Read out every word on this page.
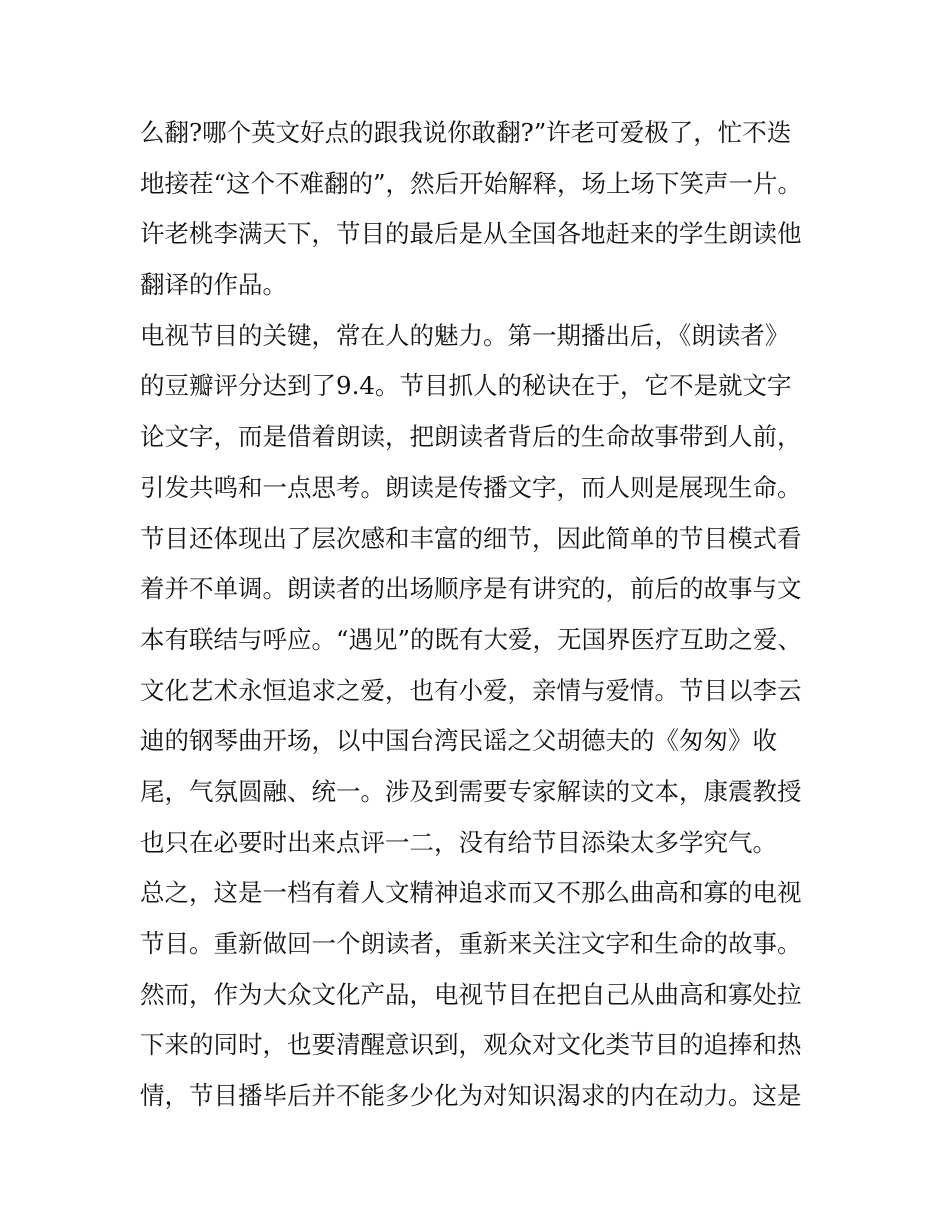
么翻?哪个英文好点的跟我说你敢翻?”许老可爱极了，忙不迭
地接茬“这个不难翻的”，然后开始解释，场上场下笑声一片。
许老桃李满天下，节目的最后是从全国各地赶来的学生朗读他
翻译的作品。
电视节目的关键，常在人的魅力。第一期播出后，《朗读者》
的豆瓣评分达到了9.4。节目抓人的秘诀在于，它不是就文字
论文字，而是借着朗读，把朗读者背后的生命故事带到人前，
引发共鸣和一点思考。朗读是传播文字，而人则是展现生命。
节目还体现出了层次感和丰富的细节，因此简单的节目模式看
着并不单调。朗读者的出场顺序是有讲究的，前后的故事与文
本有联结与呼应。“遇见”的既有大爱，无国界医疗互助之爱、
文化艺术永恒追求之爱，也有小爱，亲情与爱情。节目以李云
迪的钢琴曲开场，以中国台湾民谣之父胡德夫的《匆匆》收
尾，气氛圆融、统一。涉及到需要专家解读的文本，康震教授
也只在必要时出来点评一二，没有给节目添染太多学究气。
总之，这是一档有着人文精神追求而又不那么曲高和寡的电视
节目。重新做回一个朗读者，重新来关注文字和生命的故事。
然而，作为大众文化产品，电视节目在把自己从曲高和寡处拉
下来的同时，也要清醒意识到，观众对文化类节目的追捧和热
情，节目播毕后并不能多少化为对知识渴求的内在动力。这是
